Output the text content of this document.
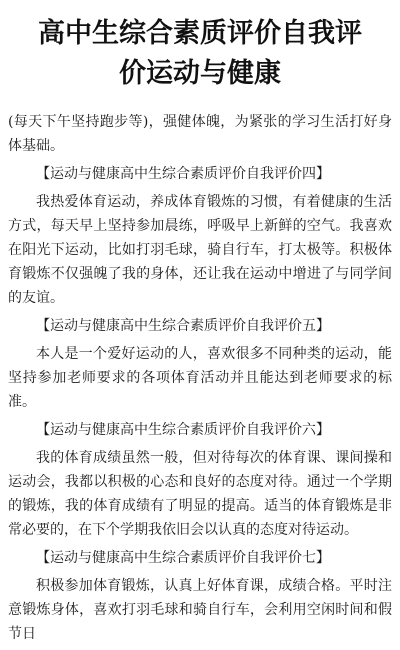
高中生综合素质评价自我评
价运动与健康

(每天下午坚持跑步等)，强健体魄，为紧张的学习生活打好身体基础。

【运动与健康高中生综合素质评价自我评价四】

我热爱体育运动，养成体育锻炼的习惯，有着健康的生活方式，每天早上坚持参加晨练，呼吸早上新鲜的空气。我喜欢在阳光下运动，比如打羽毛球，骑自行车，打太极等。积极体育锻炼不仅强魄了我的身体，还让我在运动中增进了与同学间的友谊。

【运动与健康高中生综合素质评价自我评价五】

本人是一个爱好运动的人，喜欢很多不同种类的运动，能坚持参加老师要求的各项体育活动并且能达到老师要求的标准。

【运动与健康高中生综合素质评价自我评价六】

我的体育成绩虽然一般，但对待每次的体育课、课间操和运动会，我都以积极的心态和良好的态度对待。通过一个学期的锻炼，我的体育成绩有了明显的提高。适当的体育锻炼是非常必要的，在下个学期我依旧会以认真的态度对待运动。

【运动与健康高中生综合素质评价自我评价七】

积极参加体育锻炼，认真上好体育课，成绩合格。平时注意锻炼身体，喜欢打羽毛球和骑自行车，会利用空闲时间和假节日
